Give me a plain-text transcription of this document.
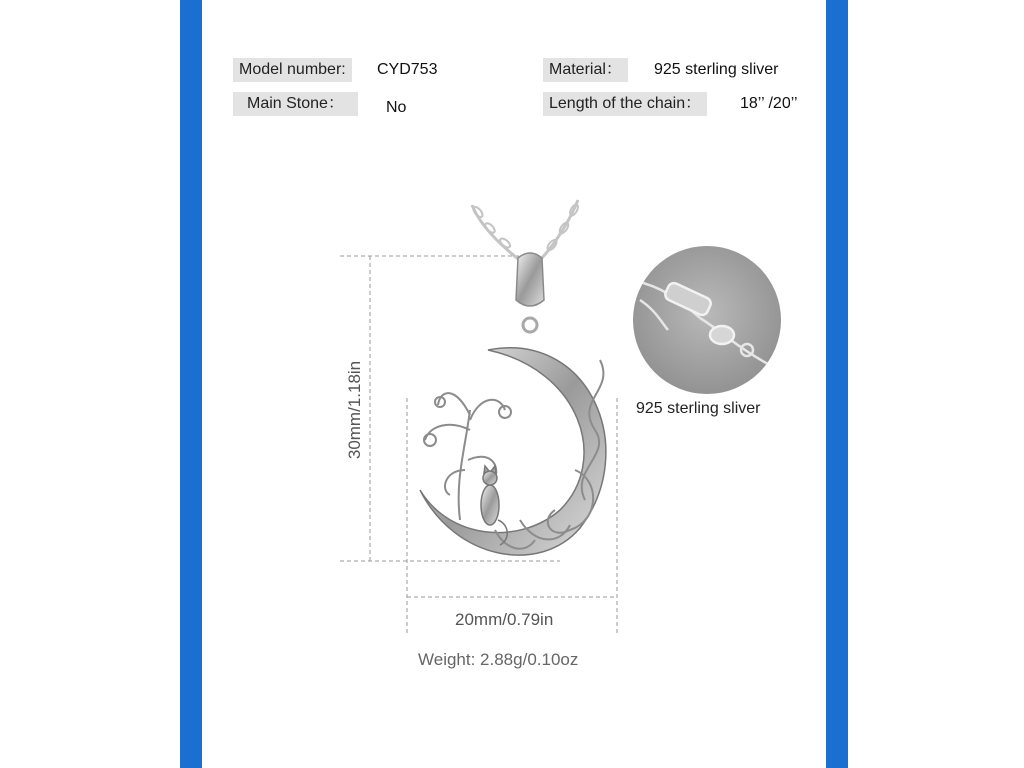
Model number:	CYD753	Material：	925 sterling sliver
Main Stone：	No	Length of the chain：	18’’ /20’’
30mm/1.18in
20mm/0.79in
Weight: 2.88g/0.10oz
925 sterling sliver
